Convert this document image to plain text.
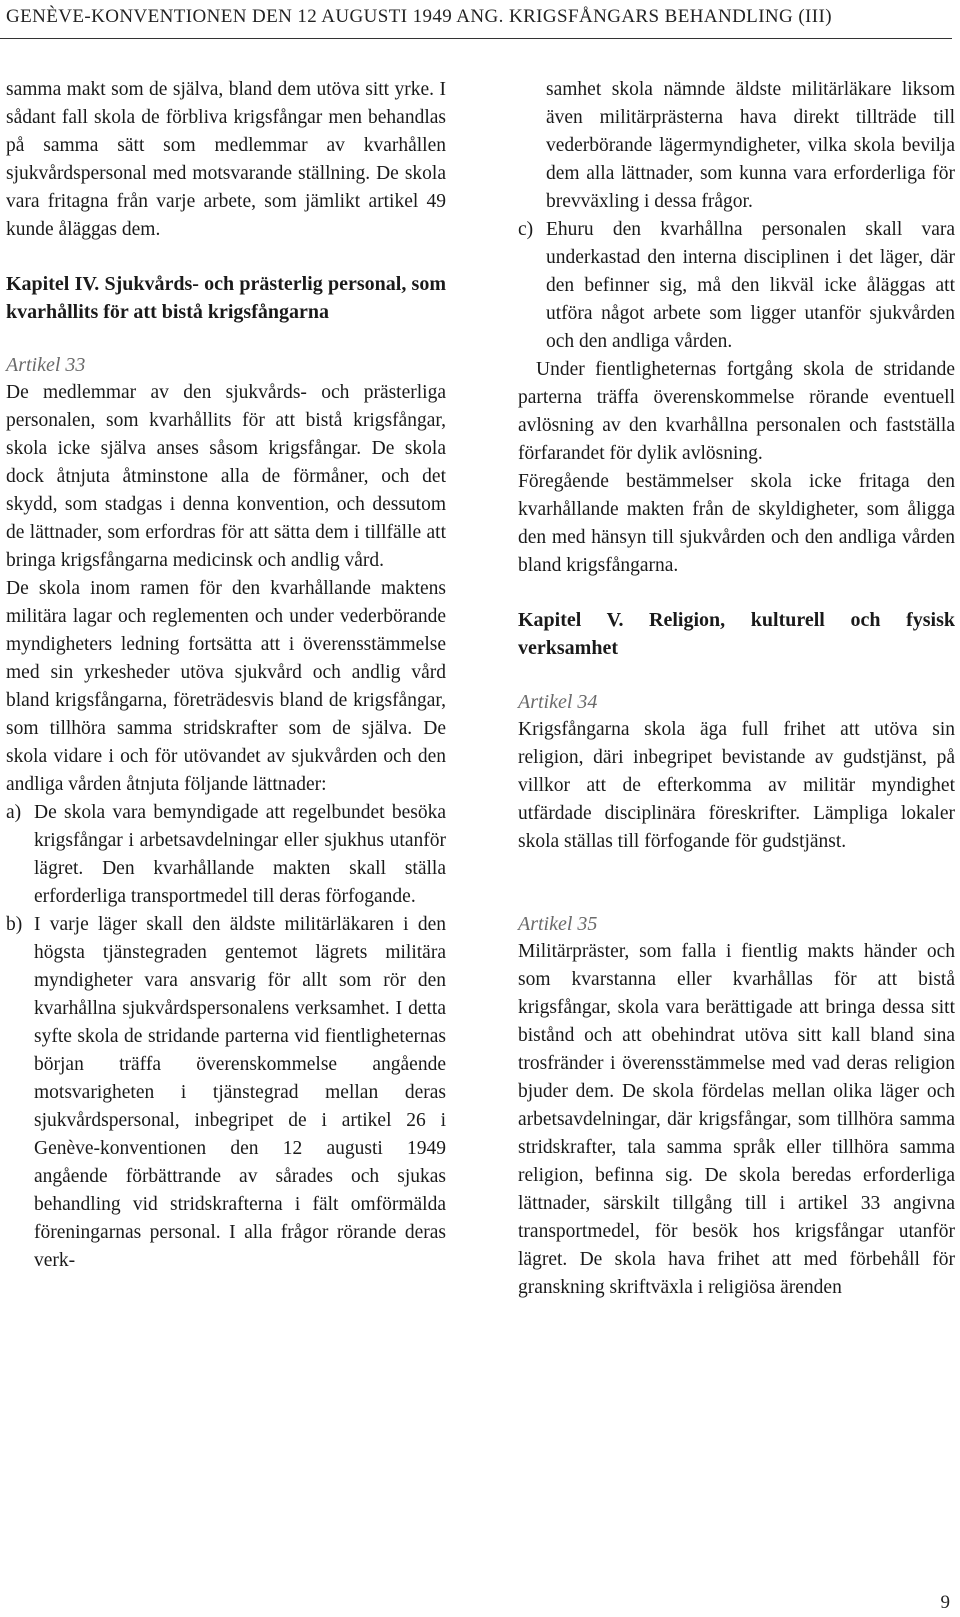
GENÈVE-KONVENTIONEN DEN 12 AUGUSTI 1949 ANG. KRIGSFÅNGARS BEHANDLING (III)

samma makt som de själva, bland dem utöva sitt yrke. I sådant fall skola de förbliva krigsfångar men behandlas på samma sätt som medlemmar av kvarhållen sjukvårdspersonal med motsvarande ställning. De skola vara fritagna från varje arbete, som jämlikt artikel 49 kunde åläggas dem.

Kapitel IV. Sjukvårds- och prästerlig personal, som kvarhållits för att bistå krigsfångarna

Artikel 33

De medlemmar av den sjukvårds- och prästerliga personalen, som kvarhållits för att bistå krigsfångar, skola icke själva anses såsom krigsfångar. De skola dock åtnjuta åtminstone alla de förmåner, och det skydd, som stadgas i denna konvention, och dessutom de lättnader, som erfordras för att sätta dem i tillfälle att bringa krigsfångarna medicinsk och andlig vård.

De skola inom ramen för den kvarhållande maktens militära lagar och reglementen och under vederbörande myndigheters ledning fortsätta att i överensstämmelse med sin yrkesheder utöva sjukvård och andlig vård bland krigsfångarna, företrädesvis bland de krigsfångar, som tillhöra samma stridskrafter som de själva. De skola vidare i och för utövandet av sjukvården och den andliga vården åtnjuta följande lättnader:

a) De skola vara bemyndigade att regelbundet besöka krigsfångar i arbetsavdelningar eller sjukhus utanför lägret. Den kvarhållande makten skall ställa erforderliga transportmedel till deras förfogande.
b) I varje läger skall den äldste militärläkaren i den högsta tjänstegraden gentemot lägrets militära myndigheter vara ansvarig för allt som rör den kvarhållna sjukvårdspersonalens verksamhet. I detta syfte skola de stridande parterna vid fientligheternas början träffa överenskommelse angående motsvarigheten i tjänstegrad mellan deras sjukvårdspersonal, inbegripet de i artikel 26 i Genève-konventionen den 12 augusti 1949 angående förbättrande av sårades och sjukas behandling vid stridskrafterna i fält omförmälda föreningarnas personal. I alla frågor rörande deras verk-
samhet skola nämnde äldste militärläkare liksom även militärprästerna hava direkt tillträde till vederbörande lägermyndigheter, vilka skola bevilja dem alla lättnader, som kunna vara erforderliga för brevväxling i dessa frågor.
c) Ehuru den kvarhållna personalen skall vara underkastad den interna disciplinen i det läger, där den befinner sig, må den likväl icke åläggas att utföra något arbete som ligger utanför sjukvården och den andliga vården.

Under fientligheternas fortgång skola de stridande parterna träffa överenskommelse rörande eventuell avlösning av den kvarhållna personalen och fastställa förfarandet för dylik avlösning.

Föregående bestämmelser skola icke fritaga den kvarhållande makten från de skyldigheter, som åligga den med hänsyn till sjukvården och den andliga vården bland krigsfångarna.

Kapitel V. Religion, kulturell och fysisk verksamhet

Artikel 34

Krigsfångarna skola äga full frihet att utöva sin religion, däri inbegripet bevistande av gudstjänst, på villkor att de efterkomma av militär myndighet utfärdade disciplinära föreskrifter. Lämpliga lokaler skola ställas till förfogande för gudstjänst.

Artikel 35

Militärpräster, som falla i fientlig makts händer och som kvarstanna eller kvarhållas för att bistå krigsfångar, skola vara berättigade att bringa dessa sitt bistånd och att obehindrat utöva sitt kall bland sina trosfränder i överensstämmelse med vad deras religion bjuder dem. De skola fördelas mellan olika läger och arbetsavdelningar, där krigsfångar, som tillhöra samma stridskrafter, tala samma språk eller tillhöra samma religion, befinna sig. De skola beredas erforderliga lättnader, särskilt tillgång till i artikel 33 angivna transportmedel, för besök hos krigsfångar utanför lägret. De skola hava frihet att med förbehåll för granskning skriftväxla i religiösa ärenden

9
